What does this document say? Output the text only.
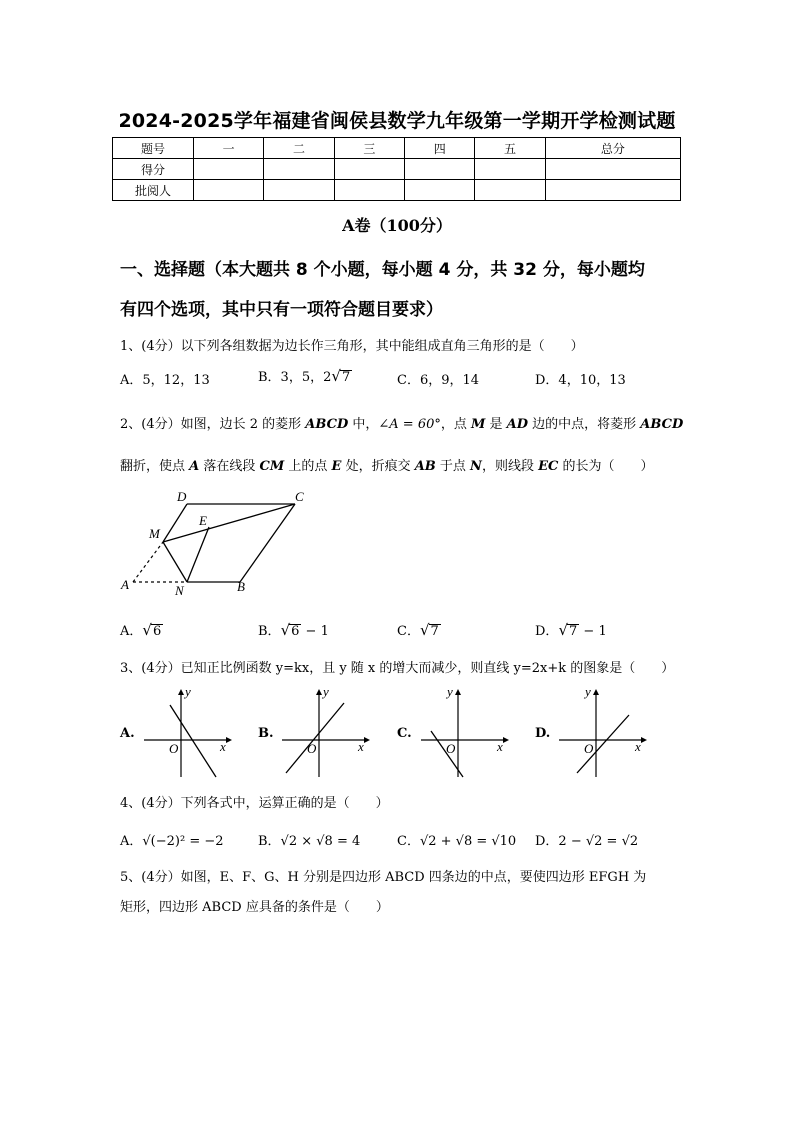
2024-2025学年福建省闽侯县数学九年级第一学期开学检测试题
题号	一	二	三	四	五	总分
得分						
批阅人						
A卷（100分）
一、选择题（本大题共 8 个小题，每小题 4 分，共 32 分，每小题均
有四个选项，其中只有一项符合题目要求）
1、(4分）以下列各组数据为边长作三角形，其中能组成直角三角形的是（　　）
A．5，12，13	B．3，5，2√7	C．6，9，14	D．4，10，13
2、(4分）如图，边长 2 的菱形 ABCD 中，∠A = 60°，点 M 是 AD 边的中点，将菱形 ABCD
翻折，使点 A 落在线段 CM 上的点 E 处，折痕交 AB 于点 N，则线段 EC 的长为（　　）
D	C
E
M
A	N	B
A．√6	B．√6 − 1	C．√7	D．√7 − 1
3、(4分）已知正比例函数 y=kx，且 y 随 x 的增大而减少，则直线 y=2x+k 的图象是（　　）
A.
y
x
O
B.
y
x
O
C.
y
x
O
D.
y
x
O
4、(4分）下列各式中，运算正确的是（　　）
A．√(−2)² = −2	B．√2 × √8 = 4	C．√2 + √8 = √10 D．2 − √2 = √2
5、(4分）如图，E、F、G、H 分别是四边形 ABCD 四条边的中点，要使四边形 EFGH 为
矩形，四边形 ABCD 应具备的条件是（　　）
